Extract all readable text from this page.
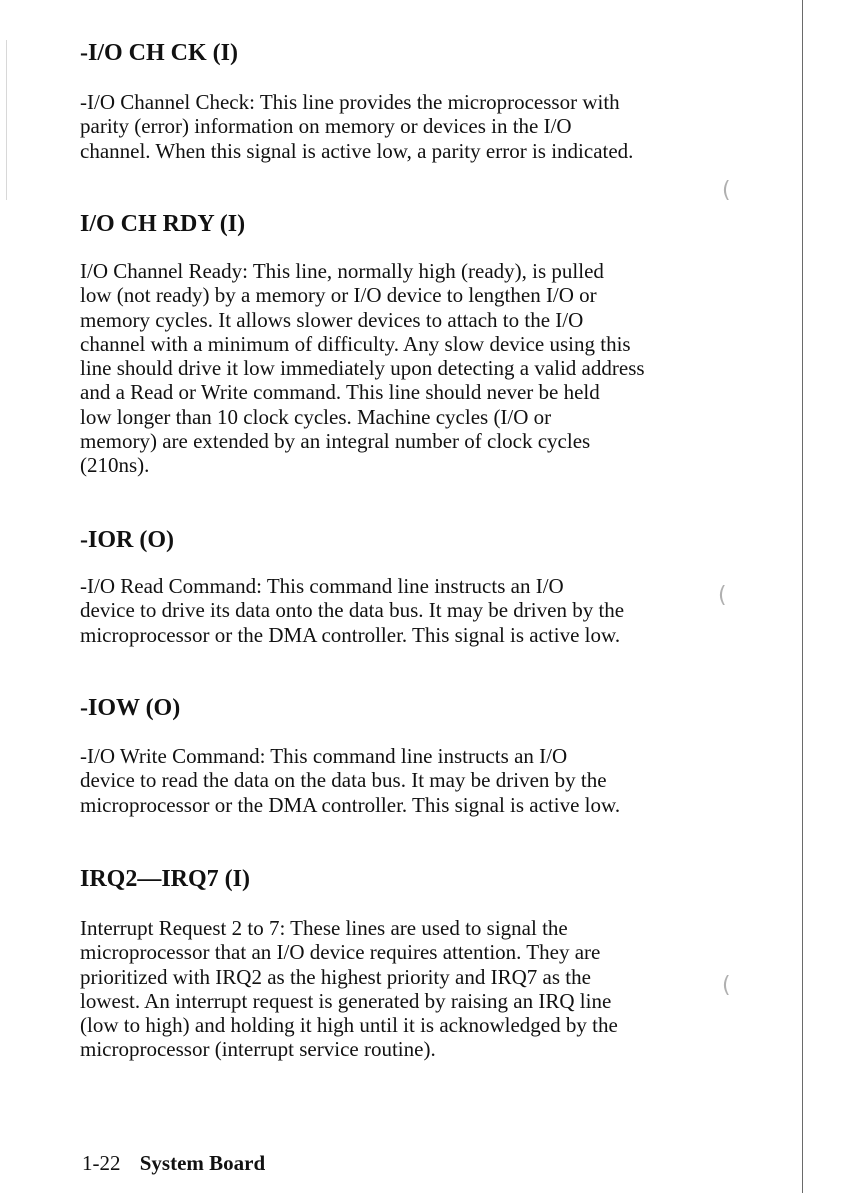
(
(
(
-I/O CH CK (I)

-I/O Channel Check: This line provides the microprocessor with
parity (error) information on memory or devices in the I/O
channel. When this signal is active low, a parity error is indicated.

I/O CH RDY (I)

I/O Channel Ready: This line, normally high (ready), is pulled
low (not ready) by a memory or I/O device to lengthen I/O or
memory cycles. It allows slower devices to attach to the I/O
channel with a minimum of difficulty. Any slow device using this
line should drive it low immediately upon detecting a valid address
and a Read or Write command. This line should never be held
low longer than 10 clock cycles. Machine cycles (I/O or
memory) are extended by an integral number of clock cycles
(210ns).

-IOR (O)

-I/O Read Command: This command line instructs an I/O
device to drive its data onto the data bus. It may be driven by the
microprocessor or the DMA controller. This signal is active low.

-IOW (O)

-I/O Write Command: This command line instructs an I/O
device to read the data on the data bus. It may be driven by the
microprocessor or the DMA controller. This signal is active low.

IRQ2—IRQ7 (I)

Interrupt Request 2 to 7: These lines are used to signal the
microprocessor that an I/O device requires attention. They are
prioritized with IRQ2 as the highest priority and IRQ7 as the
lowest. An interrupt request is generated by raising an IRQ line
(low to high) and holding it high until it is acknowledged by the
microprocessor (interrupt service routine).

1-22 System Board
